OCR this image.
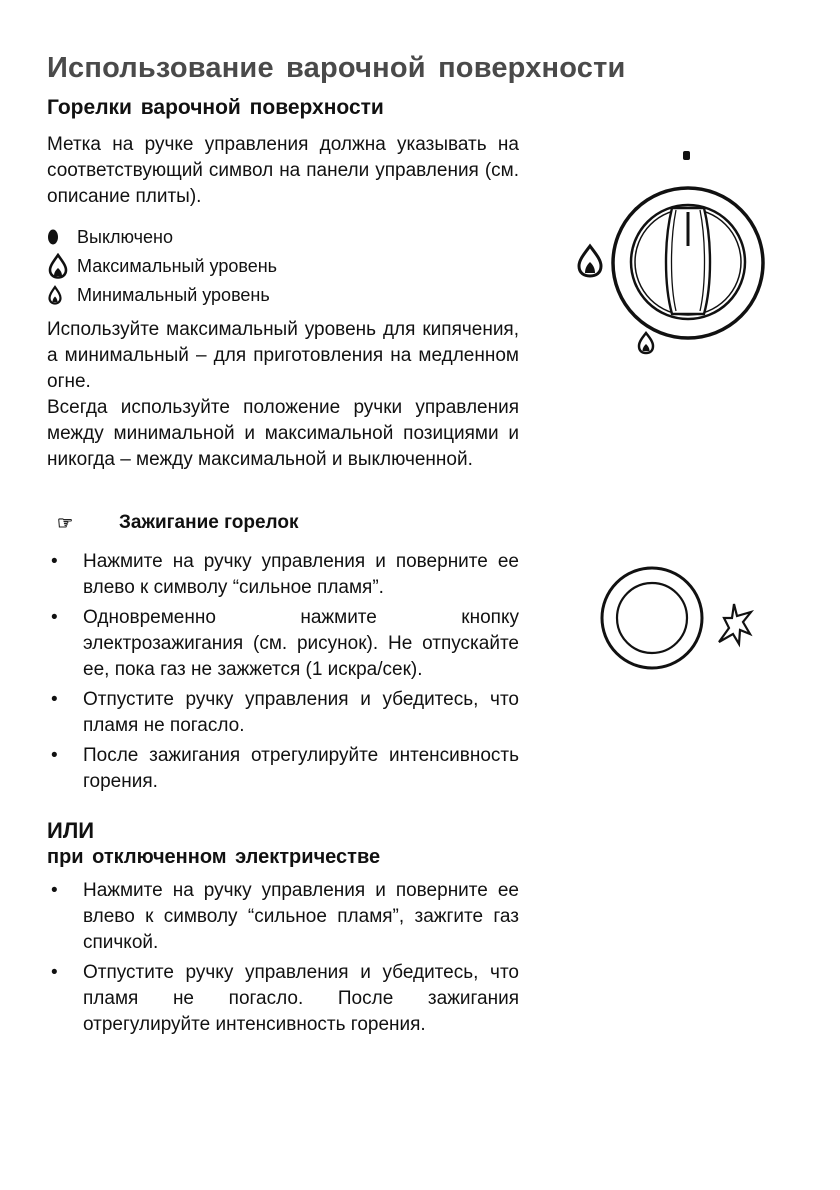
Использование варочной поверхности
Горелки варочной поверхности
Метка на ручке управления должна указывать на соответствующий символ на панели управления (см. описание плиты).
Выключено
Максимальный уровень
Минимальный уровень
Используйте максимальный уровень для кипячения, а минимальный – для приготовления на медленном огне.
Всегда используйте положение ручки управления между минимальной и максимальной позициями и никогда – между максимальной и выключенной.
☞	Зажигание горелок
•	Нажмите на ручку управления и поверните ее влево к символу “сильное пламя”.
•	Одновременно нажмите кнопку электрозажигания (см. рисунок). Не отпускайте ее, пока газ не зажжется (1 искра/сек).
•	Отпустите ручку управления и убедитесь, что пламя не погасло.
•	После зажигания отрегулируйте интенсивность горения.
ИЛИ
при отключенном электричестве
•	Нажмите на ручку управления и поверните ее влево к символу “сильное пламя”, зажгите газ спичкой.
•	Отпустите ручку управления и убедитесь, что пламя не погасло. После зажигания отрегулируйте интенсивность горения.
